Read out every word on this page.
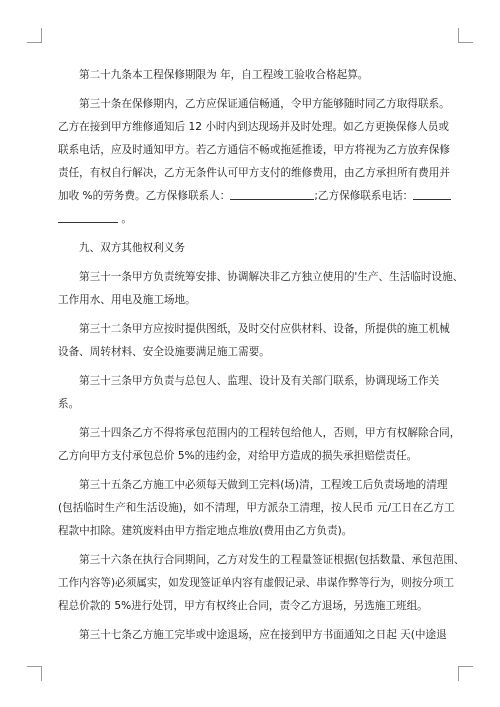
第二十九条本工程保修期限为 年，自工程竣工验收合格起算。

第三十条在保修期内，乙方应保证通信畅通，令甲方能够随时同乙方取得联系。
乙方在接到甲方维修通知后 12 小时内到达现场并及时处理。如乙方更换保修人员或
联系电话，应及时通知甲方。若乙方通信不畅或拖延推诿，甲方将视为乙方放弃保修
责任，有权自行解决，乙方无条件认可甲方支付的维修费用，由乙方承担所有费用并
加收 %的劳务费。乙方保修联系人：	;乙方保修联系电话：
。

九、双方其他权利义务

第三十一条甲方负责统筹安排、协调解决非乙方独立使用的'生产、生活临时设施、
工作用水、用电及施工场地。

第三十二条甲方应按时提供图纸，及时交付应供材料、设备，所提供的施工机械
设备、周转材料、安全设施要满足施工需要。

第三十三条甲方负责与总包人、监理、设计及有关部门联系，协调现场工作关
系。

第三十四条乙方不得将承包范围内的工程转包给他人，否则，甲方有权解除合同，
乙方向甲方支付承包总价 5%的违约金，对给甲方造成的损失承担赔偿责任。

第三十五条乙方施工中必须每天做到工完料(场)清，工程竣工后负责场地的清理
(包括临时生产和生活设施)，如不清理，甲方派杂工清理，按人民币 元/工日在乙方工
程款中扣除。建筑废料由甲方指定地点堆放(费用由乙方负责)。

第三十六条在执行合同期间，乙方对发生的工程量签证根据(包括数量、承包范围、
工作内容等)必须属实，如发现签证单内容有虚假记录、串谋作弊等行为，则按分项工
程总价款的 5%进行处罚，甲方有权终止合同，责令乙方退场，另选施工班组。

第三十七条乙方施工完毕或中途退场，应在接到甲方书面通知之日起 天(中途退
